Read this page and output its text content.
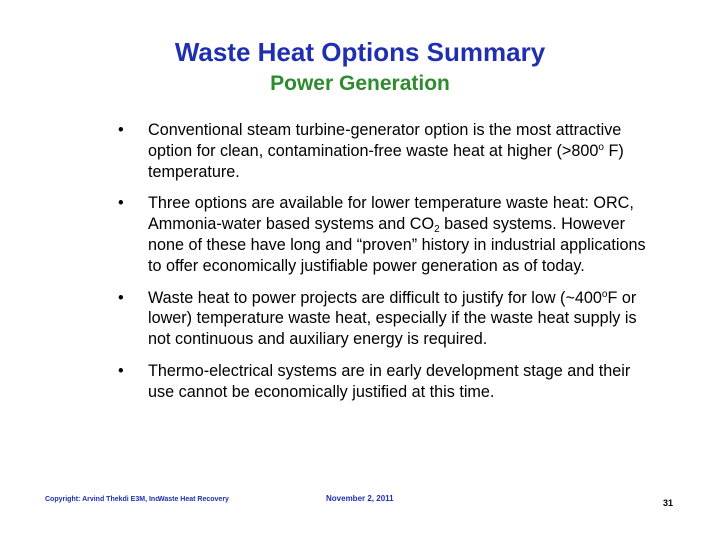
Waste Heat Options Summary
Power Generation
•	Conventional steam turbine-generator option is the most attractive option for clean, contamination-free waste heat at higher ($>800^o$ F) temperature.
•	Three options are available for lower temperature waste heat: ORC, Ammonia-water based systems and $CO_2$ based systems. However none of these have long and “proven” history in industrial applications to offer economically justifiable power generation as of today.
•	Waste heat to power projects are difficult to justify for low (~400$^o$F or lower) temperature waste heat, especially if the waste heat supply is not continuous and auxiliary energy is required.
•	Thermo-electrical systems are in early development stage and their use cannot be economically justified at this time.
Copyright: Arvind Thekdi E3M, Inc
Waste Heat Recovery	November 2, 2011	31
